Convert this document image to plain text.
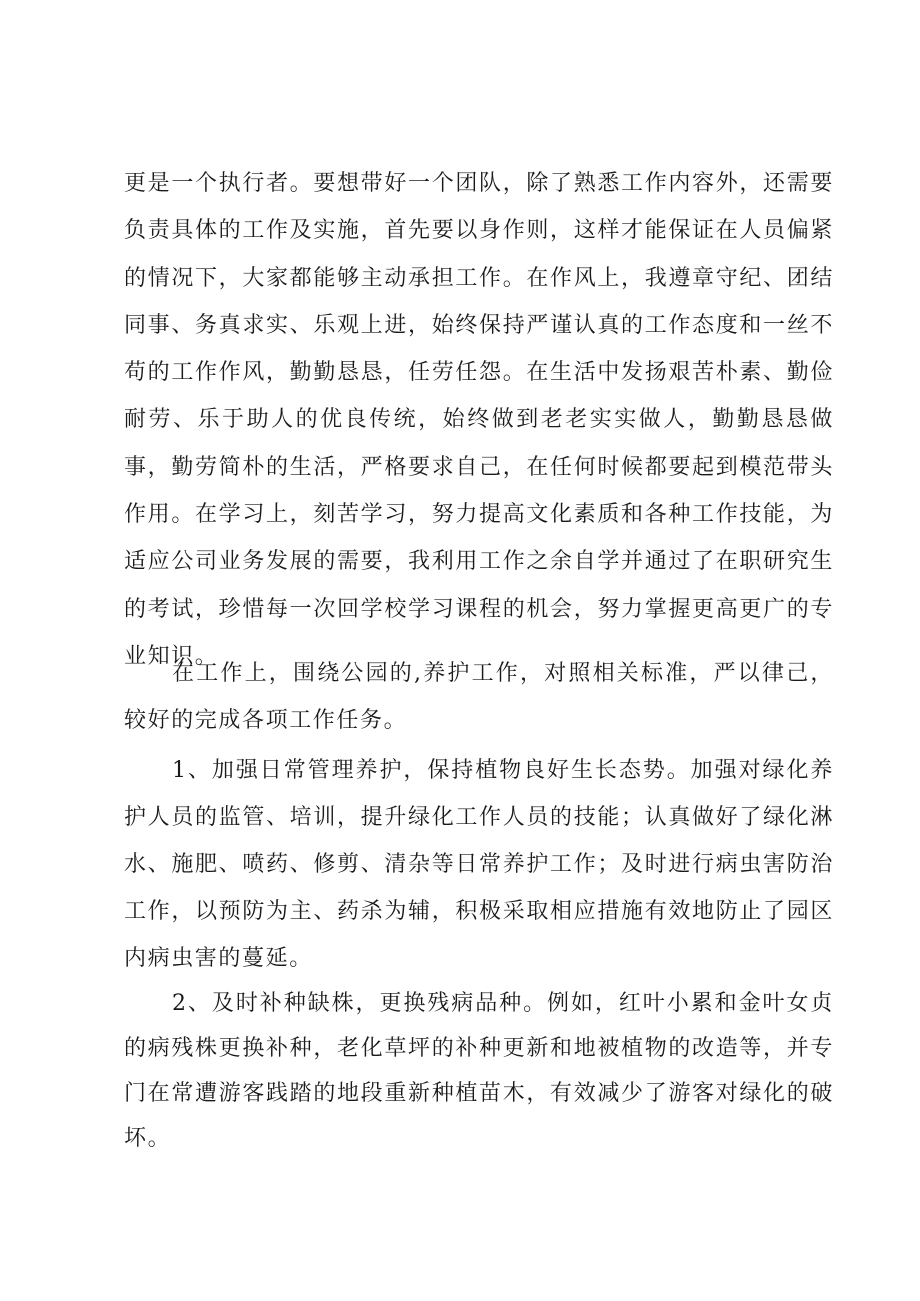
更是一个执行者。要想带好一个团队，除了熟悉工作内容外，还需要负责具体的工作及实施，首先要以身作则，这样才能保证在人员偏紧的情况下，大家都能够主动承担工作。在作风上，我遵章守纪、团结同事、务真求实、乐观上进，始终保持严谨认真的工作态度和一丝不苟的工作作风，勤勤恳恳，任劳任怨。在生活中发扬艰苦朴素、勤俭耐劳、乐于助人的优良传统，始终做到老老实实做人，勤勤恳恳做事，勤劳简朴的生活，严格要求自己，在任何时候都要起到模范带头作用。在学习上，刻苦学习，努力提高文化素质和各种工作技能，为适应公司业务发展的需要，我利用工作之余自学并通过了在职研究生的考试，珍惜每一次回学校学习课程的机会，努力掌握更高更广的专业知识。

在工作上，围绕公园的,养护工作，对照相关标准，严以律己，较好的完成各项工作任务。

1、加强日常管理养护，保持植物良好生长态势。加强对绿化养护人员的监管、培训，提升绿化工作人员的技能；认真做好了绿化淋水、施肥、喷药、修剪、清杂等日常养护工作；及时进行病虫害防治工作，以预防为主、药杀为辅，积极采取相应措施有效地防止了园区内病虫害的蔓延。

2、及时补种缺株，更换残病品种。例如，红叶小累和金叶女贞的病残株更换补种，老化草坪的补种更新和地被植物的改造等，并专门在常遭游客践踏的地段重新种植苗木，有效减少了游客对绿化的破坏。
